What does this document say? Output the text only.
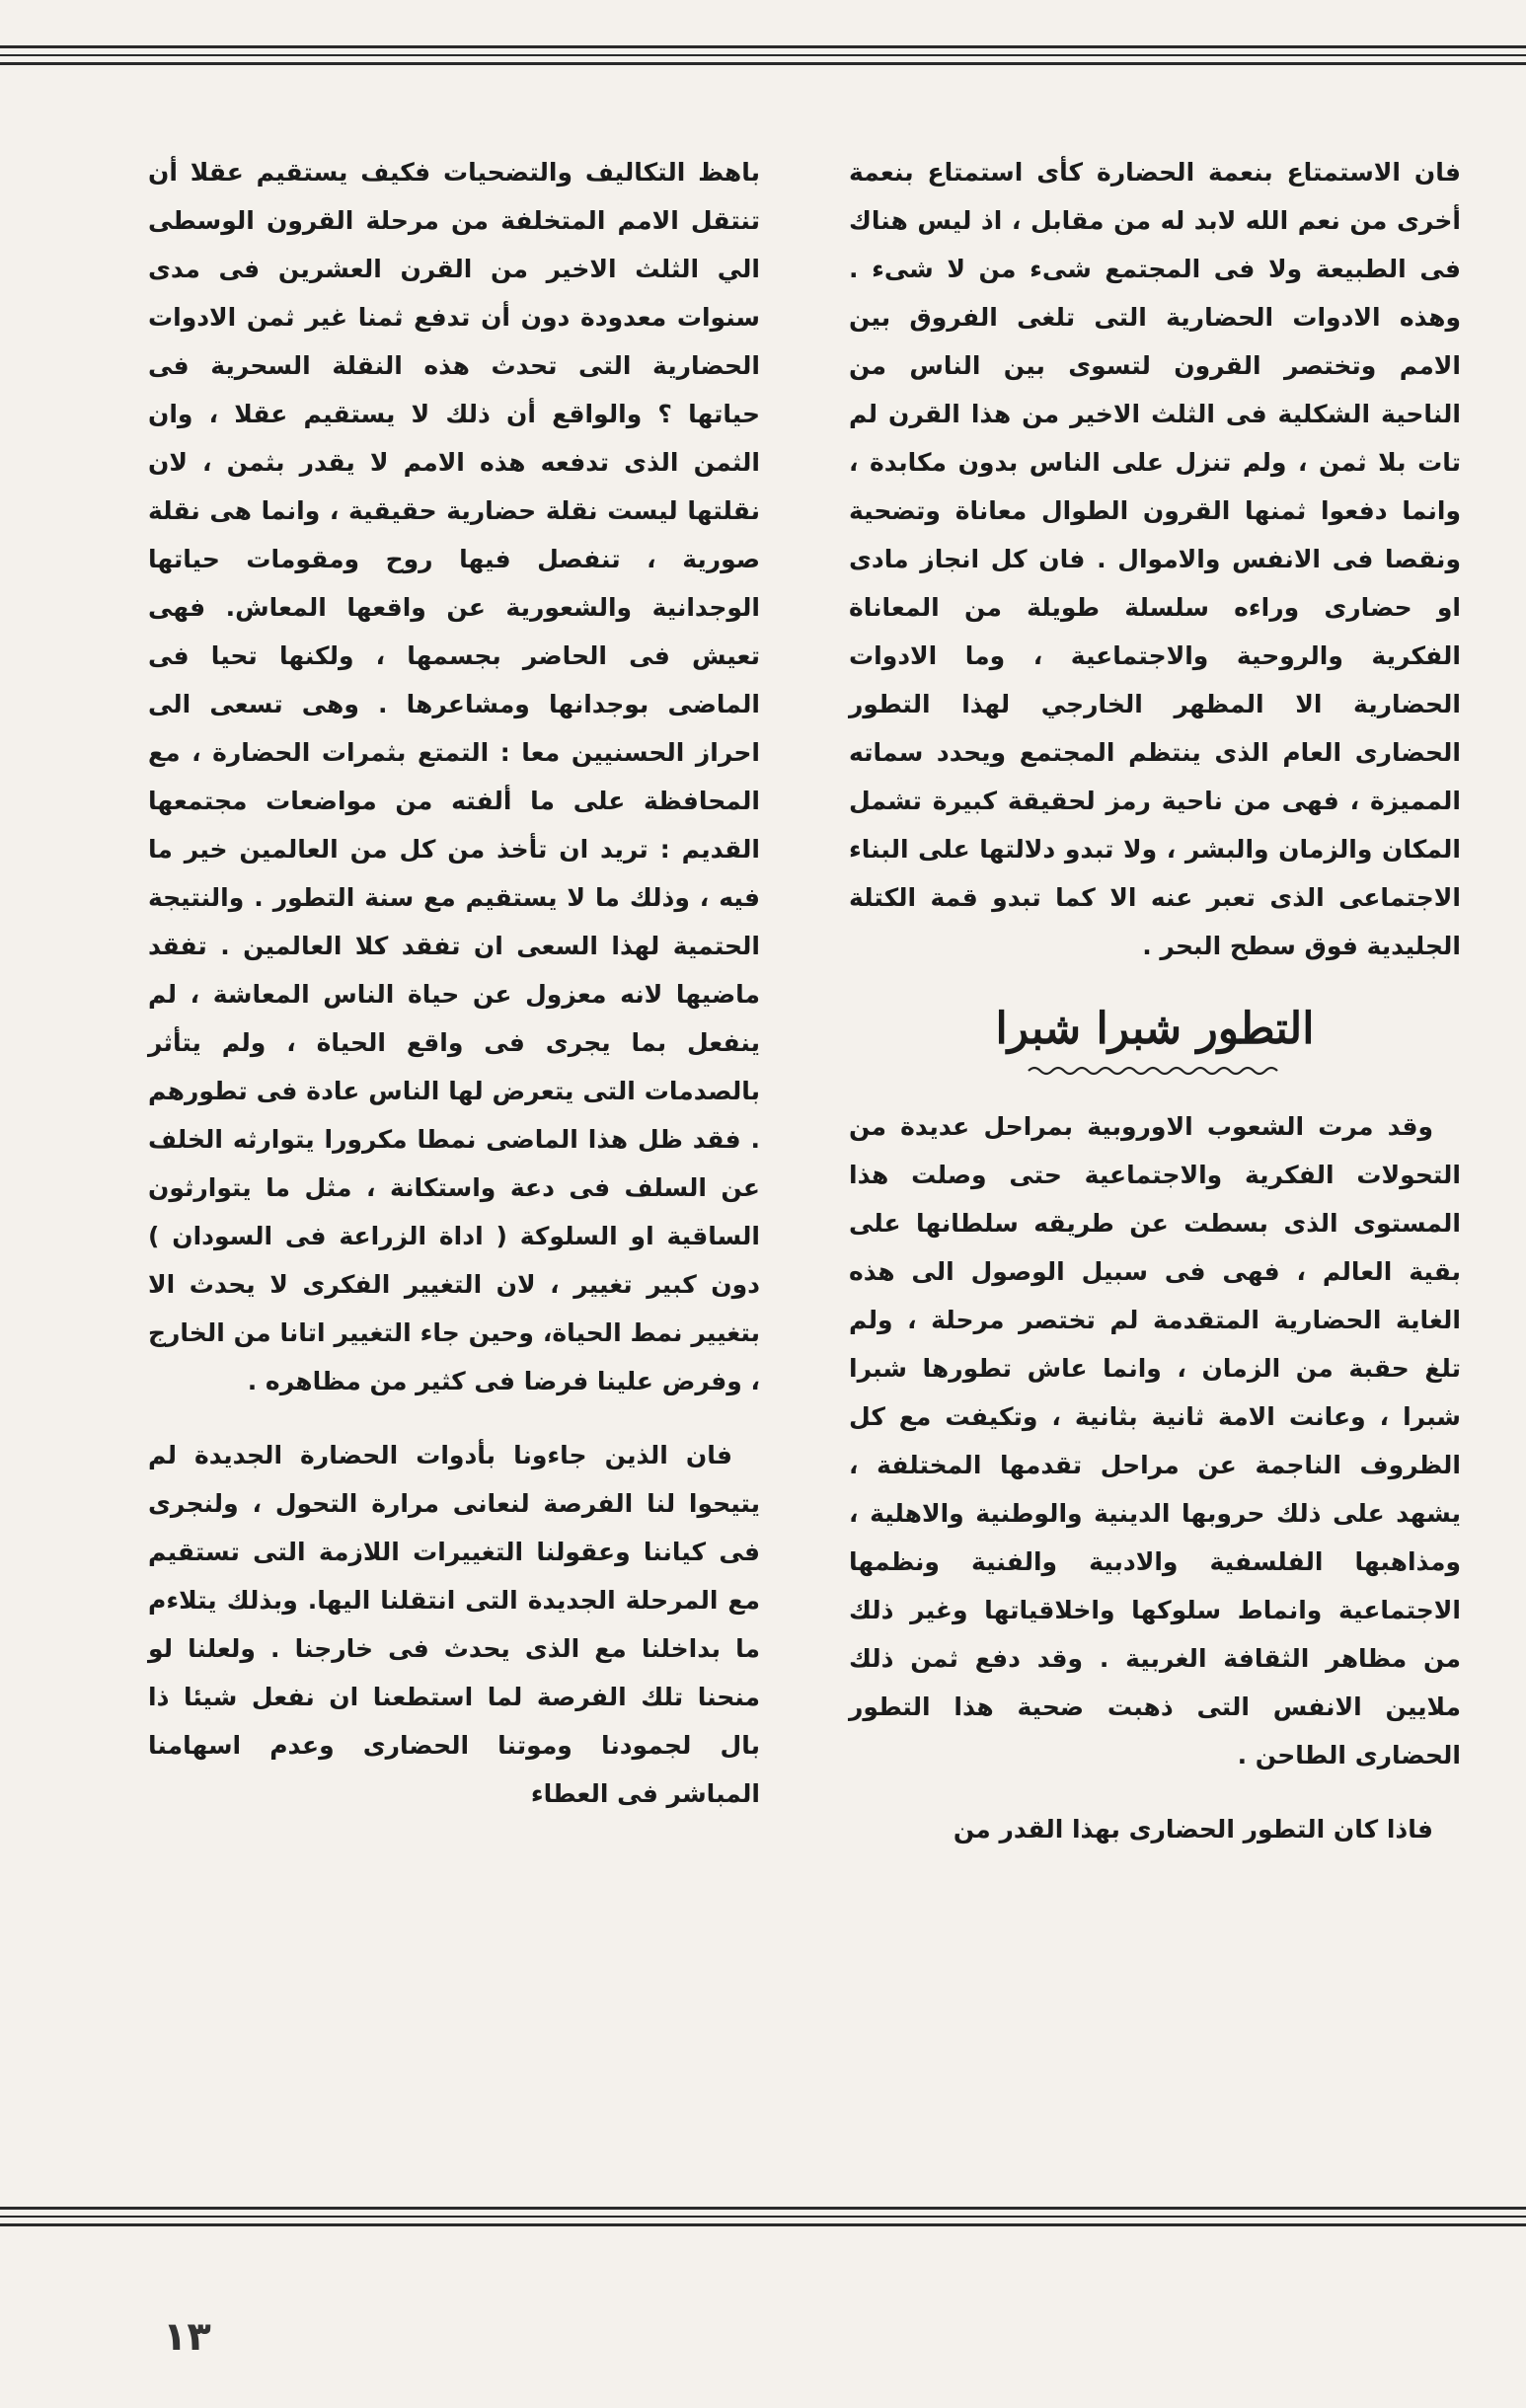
فان الاستمتاع بنعمة الحضارة كأى استمتاع بنعمة أخرى من نعم الله لابد له من مقابل ، اذ ليس هناك فى الطبيعة ولا فى المجتمع شىء من لا شىء . وهذه الادوات الحضارية التى تلغى الفروق بين الامم وتختصر القرون لتسوى بين الناس من الناحية الشكلية فى الثلث الاخير من هذا القرن لم تات بلا ثمن ، ولم تنزل على الناس بدون مكابدة ، وانما دفعوا ثمنها القرون الطوال معاناة وتضحية ونقصا فى الانفس والاموال . فان كل انجاز مادى او حضارى وراءه سلسلة طويلة من المعاناة الفكرية والروحية والاجتماعية ، وما الادوات الحضارية الا المظهر الخارجي لهذا التطور الحضارى العام الذى ينتظم المجتمع ويحدد سماته المميزة ، فهى من ناحية رمز لحقيقة كبيرة تشمل المكان والزمان والبشر ، ولا تبدو دلالتها على البناء الاجتماعى الذى تعبر عنه الا كما تبدو قمة الكتلة الجليدية فوق سطح البحر .

التطور شبرا شبرا

وقد مرت الشعوب الاوروبية بمراحل عديدة من التحولات الفكرية والاجتماعية حتى وصلت هذا المستوى الذى بسطت عن طريقه سلطانها على بقية العالم ، فهى فى سبيل الوصول الى هذه الغاية الحضارية المتقدمة لم تختصر مرحلة ، ولم تلغ حقبة من الزمان ، وانما عاش تطورها شبرا شبرا ، وعانت الامة ثانية بثانية ، وتكيفت مع كل الظروف الناجمة عن مراحل تقدمها المختلفة ، يشهد على ذلك حروبها الدينية والوطنية والاهلية ، ومذاهبها الفلسفية والادبية والفنية ونظمها الاجتماعية وانماط سلوكها واخلاقياتها وغير ذلك من مظاهر الثقافة الغربية . وقد دفع ثمن ذلك ملايين الانفس التى ذهبت ضحية هذا التطور الحضارى الطاحن .

فاذا كان التطور الحضارى بهذا القدر من

باهظ التكاليف والتضحيات فكيف يستقيم عقلا أن تنتقل الامم المتخلفة من مرحلة القرون الوسطى الي الثلث الاخير من القرن العشرين فى مدى سنوات معدودة دون أن تدفع ثمنا غير ثمن الادوات الحضارية التى تحدث هذه النقلة السحرية فى حياتها ؟ والواقع أن ذلك لا يستقيم عقلا ، وان الثمن الذى تدفعه هذه الامم لا يقدر بثمن ، لان نقلتها ليست نقلة حضارية حقيقية ، وانما هى نقلة صورية ، تنفصل فيها روح ومقومات حياتها الوجدانية والشعورية عن واقعها المعاش. فهى تعيش فى الحاضر بجسمها ، ولكنها تحيا فى الماضى بوجدانها ومشاعرها . وهى تسعى الى احراز الحسنيين معا : التمتع بثمرات الحضارة ، مع المحافظة على ما ألفته من مواضعات مجتمعها القديم : تريد ان تأخذ من كل من العالمين خير ما فيه ، وذلك ما لا يستقيم مع سنة التطور . والنتيجة الحتمية لهذا السعى ان تفقد كلا العالمين . تفقد ماضيها لانه معزول عن حياة الناس المعاشة ، لم ينفعل بما يجرى فى واقع الحياة ، ولم يتأثر بالصدمات التى يتعرض لها الناس عادة فى تطورهم . فقد ظل هذا الماضى نمطا مكرورا يتوارثه الخلف عن السلف فى دعة واستكانة ، مثل ما يتوارثون الساقية او السلوكة ( اداة الزراعة فى السودان ) دون كبير تغيير ، لان التغيير الفكرى لا يحدث الا بتغيير نمط الحياة، وحين جاء التغيير اتانا من الخارج ، وفرض علينا فرضا فى كثير من مظاهره .

فان الذين جاءونا بأدوات الحضارة الجديدة لم يتيحوا لنا الفرصة لنعانى مرارة التحول ، ولنجرى فى كياننا وعقولنا التغييرات اللازمة التى تستقيم مع المرحلة الجديدة التى انتقلنا اليها. وبذلك يتلاءم ما بداخلنا مع الذى يحدث فى خارجنا . ولعلنا لو منحنا تلك الفرصة لما استطعنا ان نفعل شيئا ذا بال لجمودنا وموتنا الحضارى وعدم اسهامنا المباشر فى العطاء

١٣
